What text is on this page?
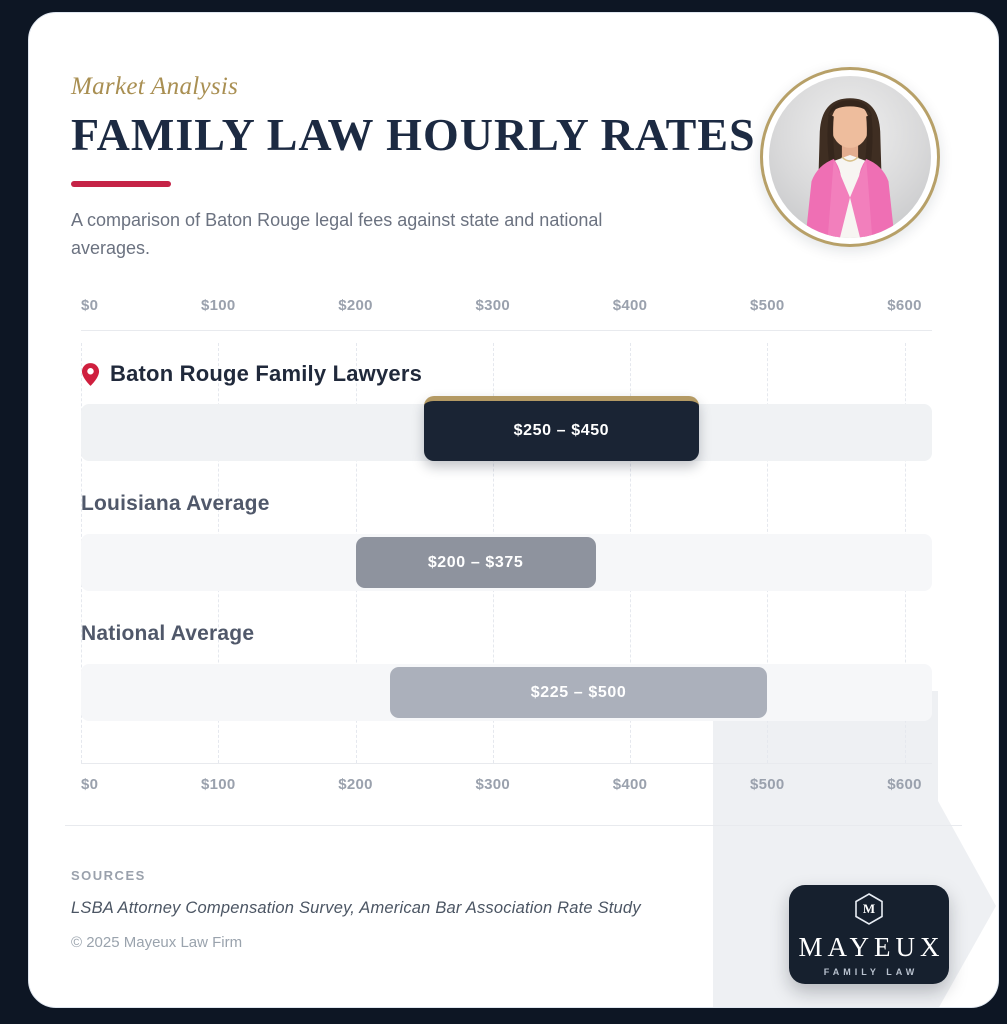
Market Analysis
FAMILY LAW HOURLY RATES

A comparison of Baton Rouge legal fees against state and national averages.

$0	$100	$200	$300	$400	$500	$600
Baton Rouge Family Lawyers
$250 – $450
Louisiana Average
$200 – $375
National Average
$225 – $500
$0	$100	$200	$300	$400	$500	$600
SOURCES
LSBA Attorney Compensation Survey, American Bar Association Rate Study
© 2025 Mayeux Law Firm
M
MAYEUX
FAMILY LAW
